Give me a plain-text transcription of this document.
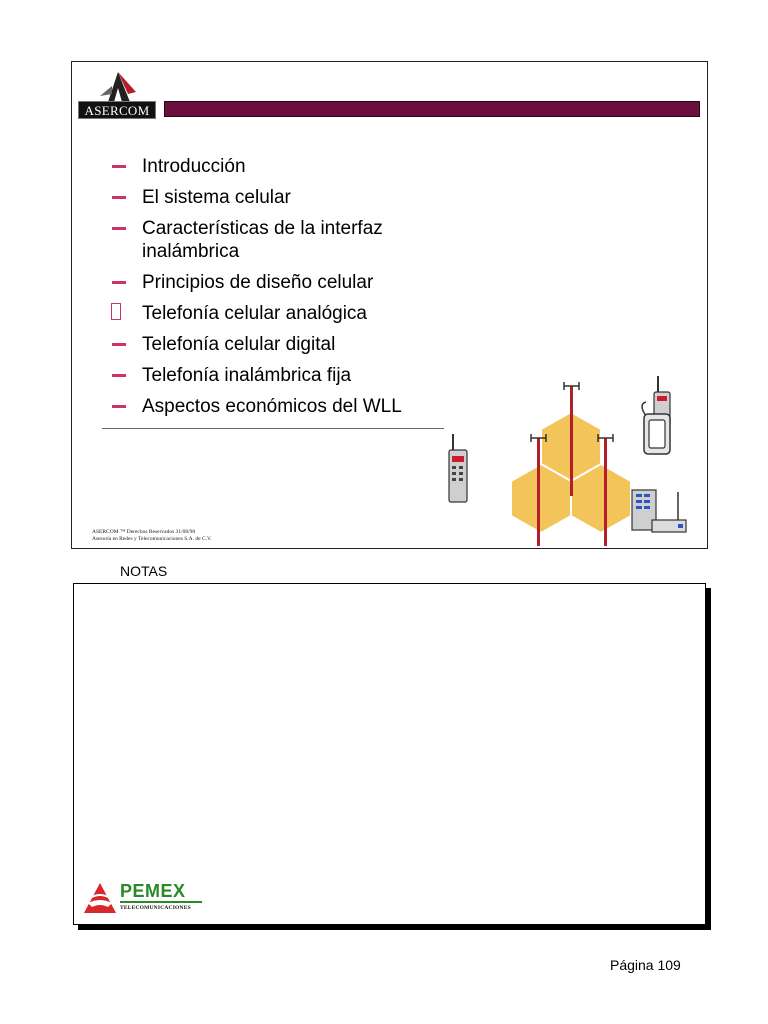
ASERCOM
Introducción
El sistema celular
Características de la interfaz inalámbrica
Principios de diseño celular
Telefonía celular analógica
Telefonía celular digital
Telefonía inalámbrica fija
Aspectos económicos del WLL
ASERCOM ™ Derechos Reservados 31/08/98
Asesoría en Redes y Telecomunicaciones S.A. de C.V.
NOTAS
PEMEX
TELECOMUNICACIONES
Página 109
